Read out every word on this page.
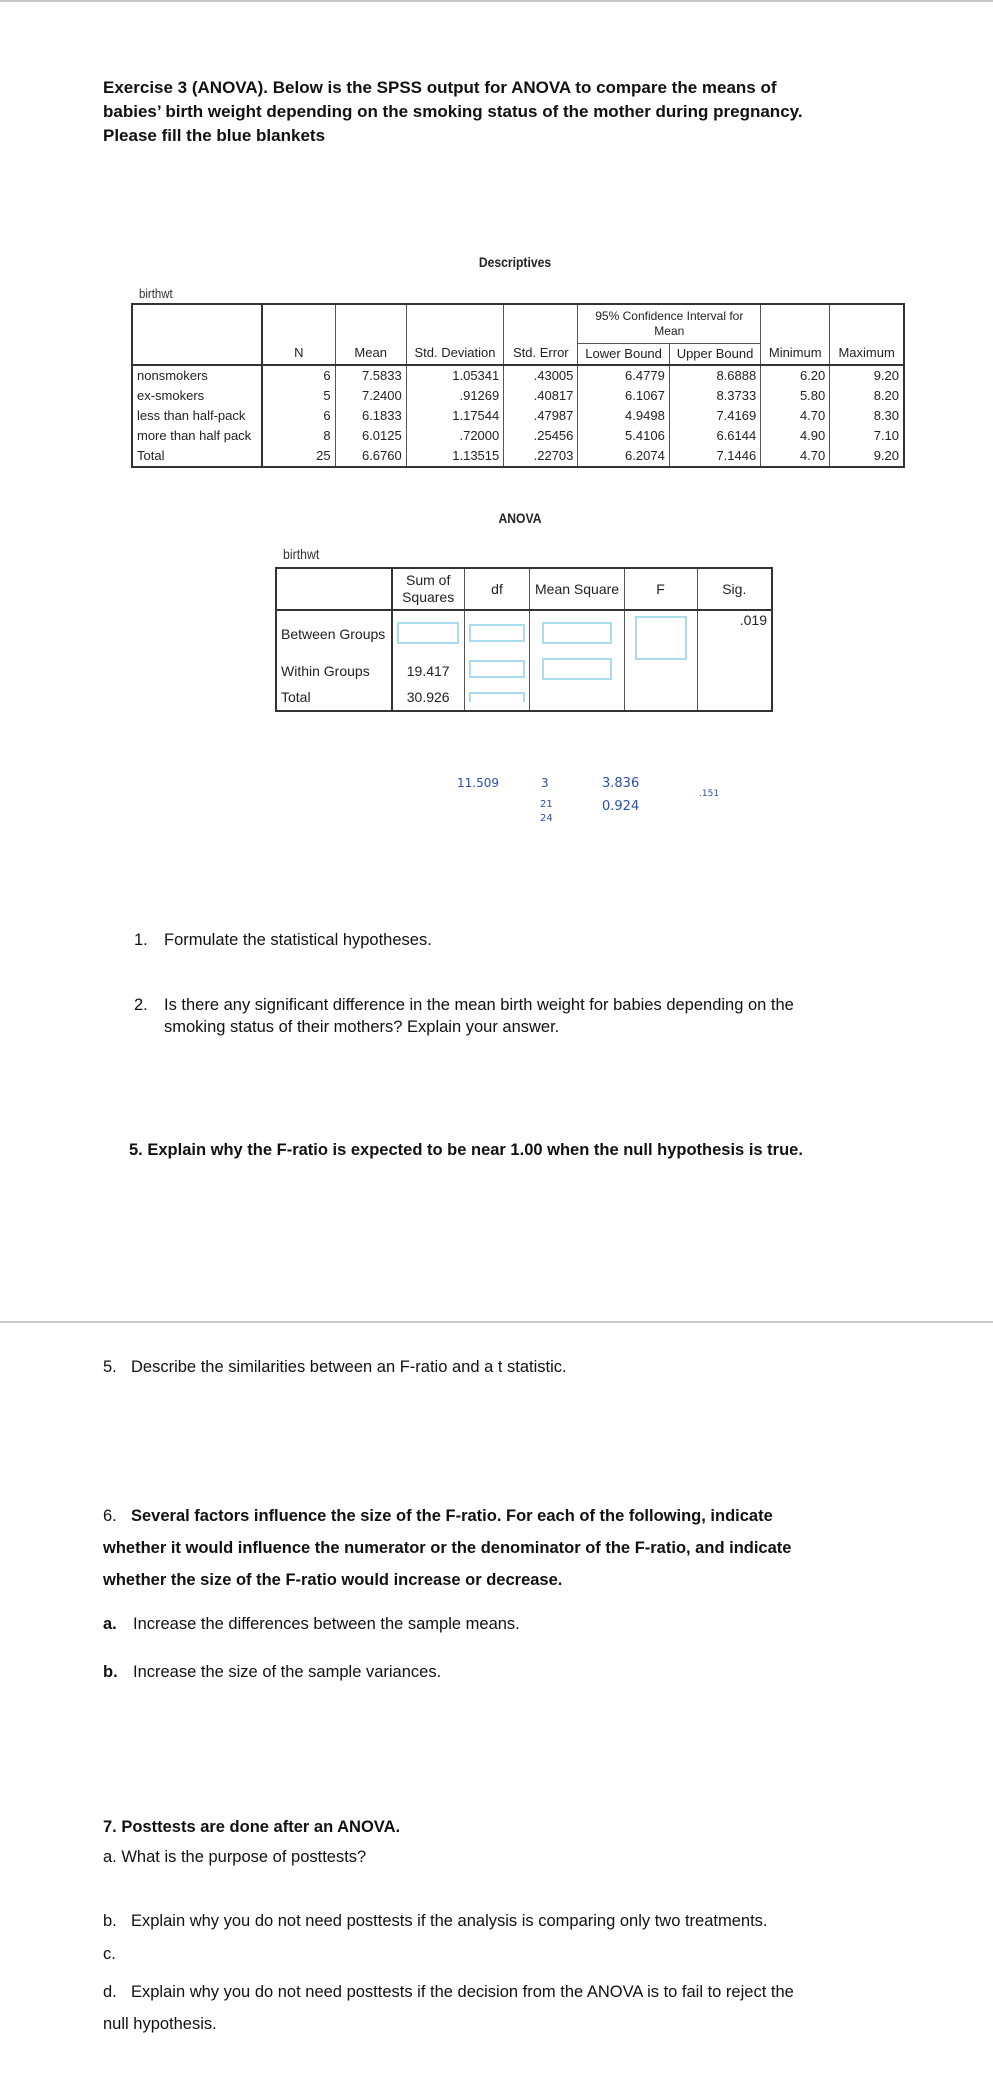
Exercise 3 (ANOVA). Below is the SPSS output for ANOVA to compare the means of
babies’ birth weight depending on the smoking status of the mother during pregnancy.
Please fill the blue blankets
Descriptives
birthwt
					95% Confidence Interval for Mean			
	N	Mean	Std. Deviation	Std. Error	Lower Bound	Upper Bound	Minimum	Maximum
nonsmokers	6	7.5833	1.05341	.43005	6.4779	8.6888	6.20	9.20
ex-smokers	5	7.2400	.91269	.40817	6.1067	8.3733	5.80	8.20
less than half-pack	6	6.1833	1.17544	.47987	4.9498	7.4169	4.70	8.30
more than half pack	8	6.0125	.72000	.25456	5.4106	6.6144	4.90	7.10
Total	25	6.6760	1.13515	.22703	6.2074	7.1446	4.70	9.20
ANOVA
birthwt

	Sum of
Squares	df	Mean Square	F	Sig.
Between Groups					.019
Within Groups	19.417				
Total	30.926				
11.509	3
21
24
3.836
0.924
.151
1. Formulate the statistical hypotheses.
2. Is there any significant difference in the mean birth weight for babies depending on the
smoking status of their mothers? Explain your answer.
5. Explain why the F-ratio is expected to be near 1.00 when the null hypothesis is true.
5. Describe the similarities between an F-ratio and a t statistic.
6. Several factors influence the size of the F-ratio. For each of the following, indicate
whether it would influence the numerator or the denominator of the F-ratio, and indicate
whether the size of the F-ratio would increase or decrease.
a. Increase the differences between the sample means.
b. Increase the size of the sample variances.
7. Posttests are done after an ANOVA.
a. What is the purpose of posttests?
b. Explain why you do not need posttests if the analysis is comparing only two treatments.
c.
d. Explain why you do not need posttests if the decision from the ANOVA is to fail to reject the
null hypothesis.
